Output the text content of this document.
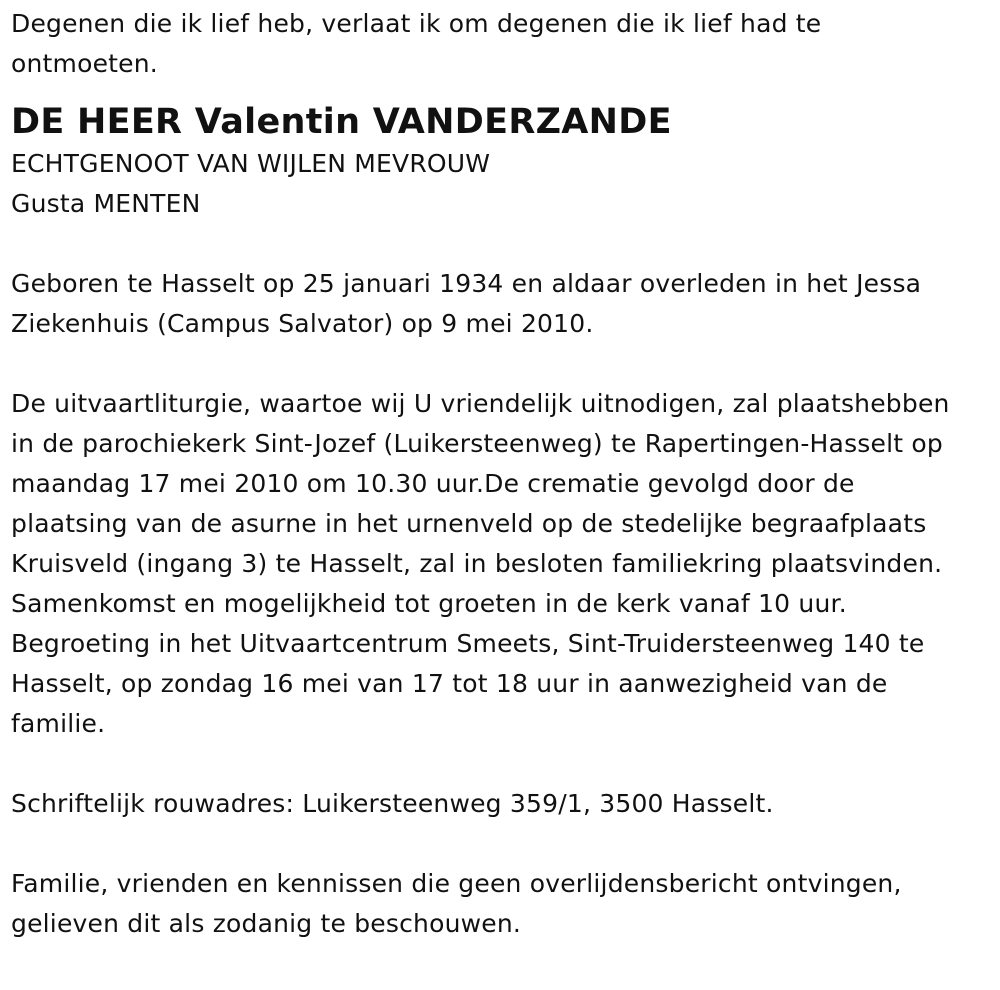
Degenen die ik lief heb, verlaat ik om degenen die ik lief had te

ontmoeten.

DE HEER Valentin VANDERZANDE

ECHTGENOOT VAN WIJLEN MEVROUW

Gusta MENTEN

Geboren te Hasselt op 25 januari 1934 en aldaar overleden in het Jessa

Ziekenhuis (Campus Salvator) op 9 mei 2010.

De uitvaartliturgie, waartoe wij U vriendelijk uitnodigen, zal plaatshebben

in de parochiekerk Sint-Jozef (Luikersteenweg) te Rapertingen-Hasselt op

maandag 17 mei 2010 om 10.30 uur.De crematie gevolgd door de

plaatsing van de asurne in het urnenveld op de stedelijke begraafplaats

Kruisveld (ingang 3) te Hasselt, zal in besloten familiekring plaatsvinden.

Samenkomst en mogelijkheid tot groeten in de kerk vanaf 10 uur.

Begroeting in het Uitvaartcentrum Smeets, Sint-Truidersteenweg 140 te

Hasselt, op zondag 16 mei van 17 tot 18 uur in aanwezigheid van de

familie.

Schriftelijk rouwadres: Luikersteenweg 359/1, 3500 Hasselt.

Familie, vrienden en kennissen die geen overlijdensbericht ontvingen,

gelieven dit als zodanig te beschouwen.
